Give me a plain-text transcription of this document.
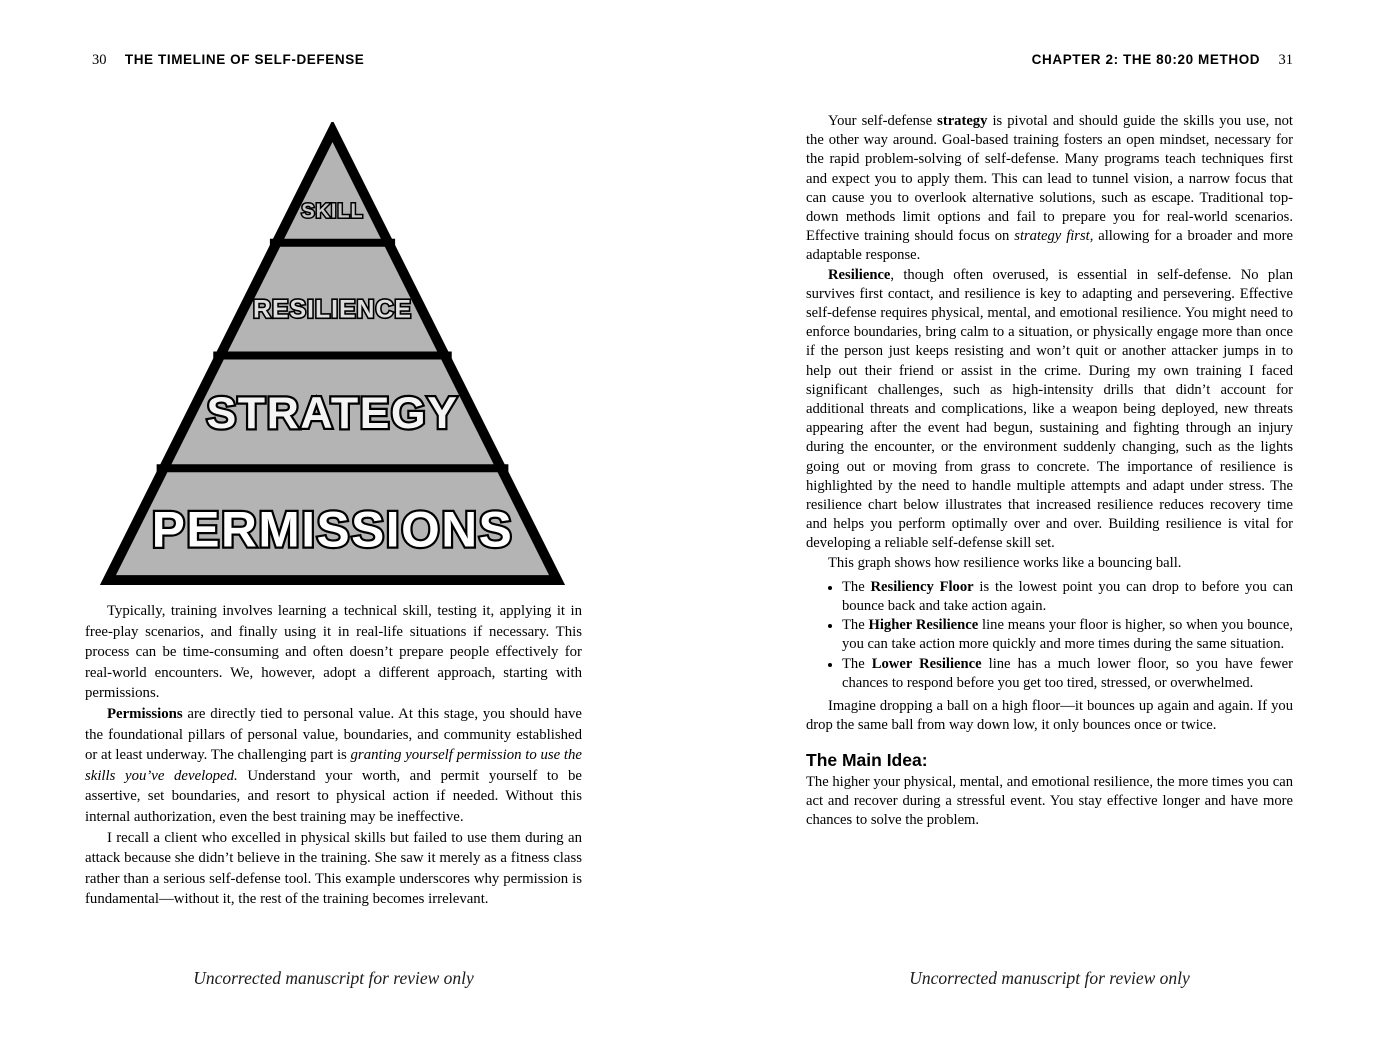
30 THE TIMELINE OF SELF-DEFENSE
SKILL
RESILIENCE
STRATEGY
PERMISSIONS

Typically, training involves learning a technical skill, testing it, applying it in free-play scenarios, and finally using it in real-life situations if necessary. This process can be time-consuming and often doesn’t prepare people effectively for real-world encounters. We, however, adopt a different approach, starting with permissions.

Permissions are directly tied to personal value. At this stage, you should have the foundational pillars of personal value, boundaries, and community established or at least underway. The challenging part is granting yourself permission to use the skills you’ve developed. Understand your worth, and permit yourself to be assertive, set boundaries, and resort to physical action if needed. Without this internal authorization, even the best training may be ineffective.

I recall a client who excelled in physical skills but failed to use them during an attack because she didn’t believe in the training. She saw it merely as a fitness class rather than a serious self-defense tool. This example underscores why permission is fundamental—without it, the rest of the training becomes irrelevant.

Uncorrected manuscript for review only
CHAPTER 2: THE 80:20 METHOD 31

Your self-defense strategy is pivotal and should guide the skills you use, not the other way around. Goal-based training fosters an open mindset, necessary for the rapid problem-solving of self-defense. Many programs teach techniques first and expect you to apply them. This can lead to tunnel vision, a narrow focus that can cause you to overlook alternative solutions, such as escape. Traditional top-down methods limit options and fail to prepare you for real-world scenarios. Effective training should focus on strategy first, allowing for a broader and more adaptable response.

Resilience, though often overused, is essential in self-defense. No plan survives first contact, and resilience is key to adapting and persevering. Effective self-defense requires physical, mental, and emotional resilience. You might need to enforce boundaries, bring calm to a situation, or physically engage more than once if the person just keeps resisting and won’t quit or another attacker jumps in to help out their friend or assist in the crime. During my own training I faced significant challenges, such as high-intensity drills that didn’t account for additional threats and complications, like a weapon being deployed, new threats appearing after the event had begun, sustaining and fighting through an injury during the encounter, or the environment suddenly changing, such as the lights going out or moving from grass to concrete. The importance of resilience is highlighted by the need to handle multiple attempts and adapt under stress. The resilience chart below illustrates that increased resilience reduces recovery time and helps you perform optimally over and over. Building resilience is vital for developing a reliable self-defense skill set.

This graph shows how resilience works like a bouncing ball.

• The Resiliency Floor is the lowest point you can drop to before you can bounce back and take action again.
• The Higher Resilience line means your floor is higher, so when you bounce, you can take action more quickly and more times during the same situation.
• The Lower Resilience line has a much lower floor, so you have fewer chances to respond before you get too tired, stressed, or overwhelmed.

Imagine dropping a ball on a high floor—it bounces up again and again. If you drop the same ball from way down low, it only bounces once or twice.

The Main Idea:

The higher your physical, mental, and emotional resilience, the more times you can act and recover during a stressful event. You stay effective longer and have more chances to solve the problem.

Uncorrected manuscript for review only
